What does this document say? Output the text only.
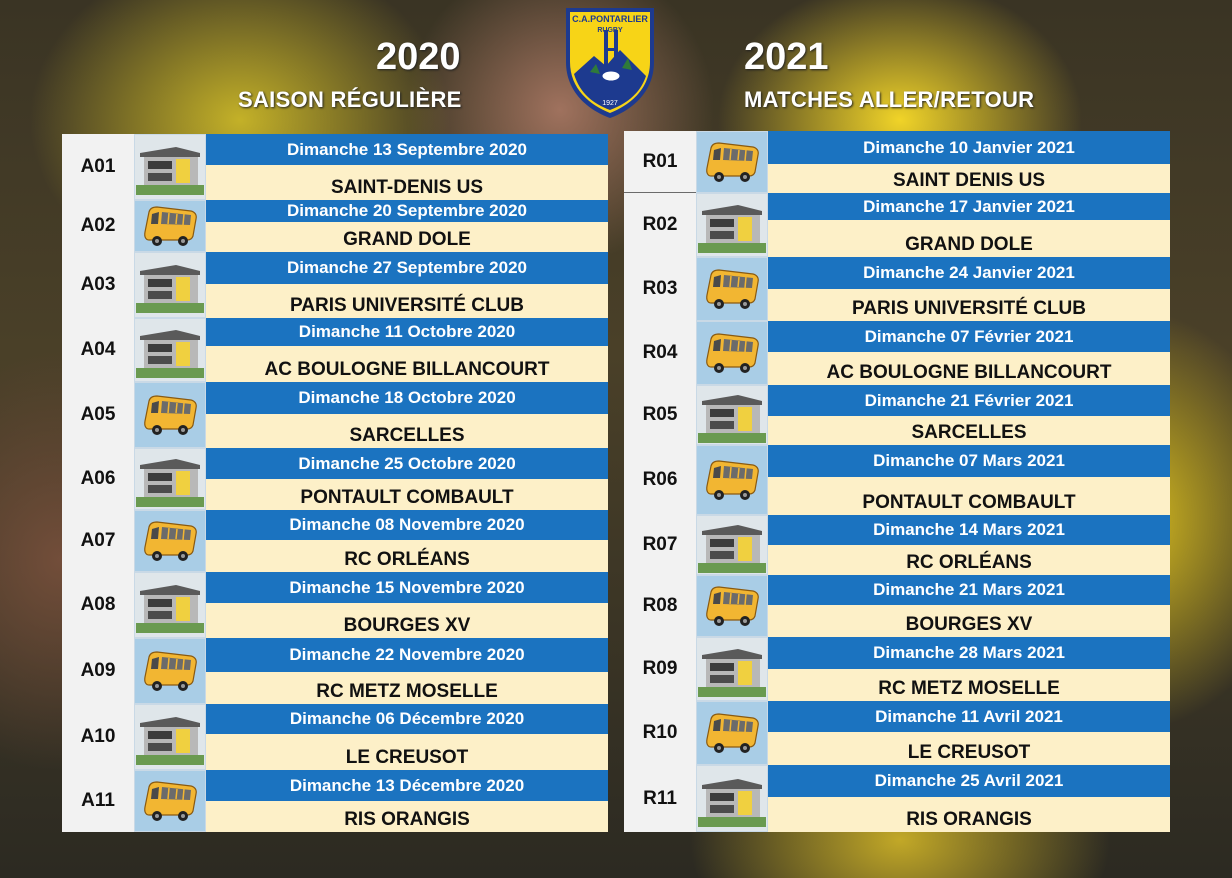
2020
SAISON RÉGULIÈRE
2021
MATCHES ALLER/RETOUR
C.A.PONTARLIER
RUGBY
1927
A01
Dimanche 13 Septembre 2020
SAINT-DENIS US
A02
Dimanche 20 Septembre 2020
GRAND DOLE
A03
Dimanche 27 Septembre 2020
PARIS UNIVERSITÉ CLUB
A04
Dimanche 11 Octobre 2020
AC BOULOGNE BILLANCOURT
A05
Dimanche 18 Octobre 2020
SARCELLES
A06
Dimanche 25 Octobre 2020
PONTAULT COMBAULT
A07
Dimanche 08 Novembre 2020
RC ORLÉANS
A08
Dimanche 15 Novembre 2020
BOURGES XV
A09
Dimanche 22 Novembre 2020
RC METZ MOSELLE
A10
Dimanche 06 Décembre 2020
LE CREUSOT
A11
Dimanche 13 Décembre 2020
RIS ORANGIS
R01
Dimanche 10 Janvier 2021
SAINT DENIS US
R02
Dimanche 17 Janvier 2021
GRAND DOLE
R03
Dimanche 24 Janvier 2021
PARIS UNIVERSITÉ CLUB
R04
Dimanche 07 Février 2021
AC BOULOGNE BILLANCOURT
R05
Dimanche 21 Février 2021
SARCELLES
R06
Dimanche 07 Mars 2021
PONTAULT COMBAULT
R07
Dimanche 14 Mars 2021
RC ORLÉANS
R08
Dimanche 21 Mars 2021
BOURGES XV
R09
Dimanche 28 Mars 2021
RC METZ MOSELLE
R10
Dimanche 11 Avril 2021
LE CREUSOT
R11
Dimanche 25 Avril 2021
RIS ORANGIS
